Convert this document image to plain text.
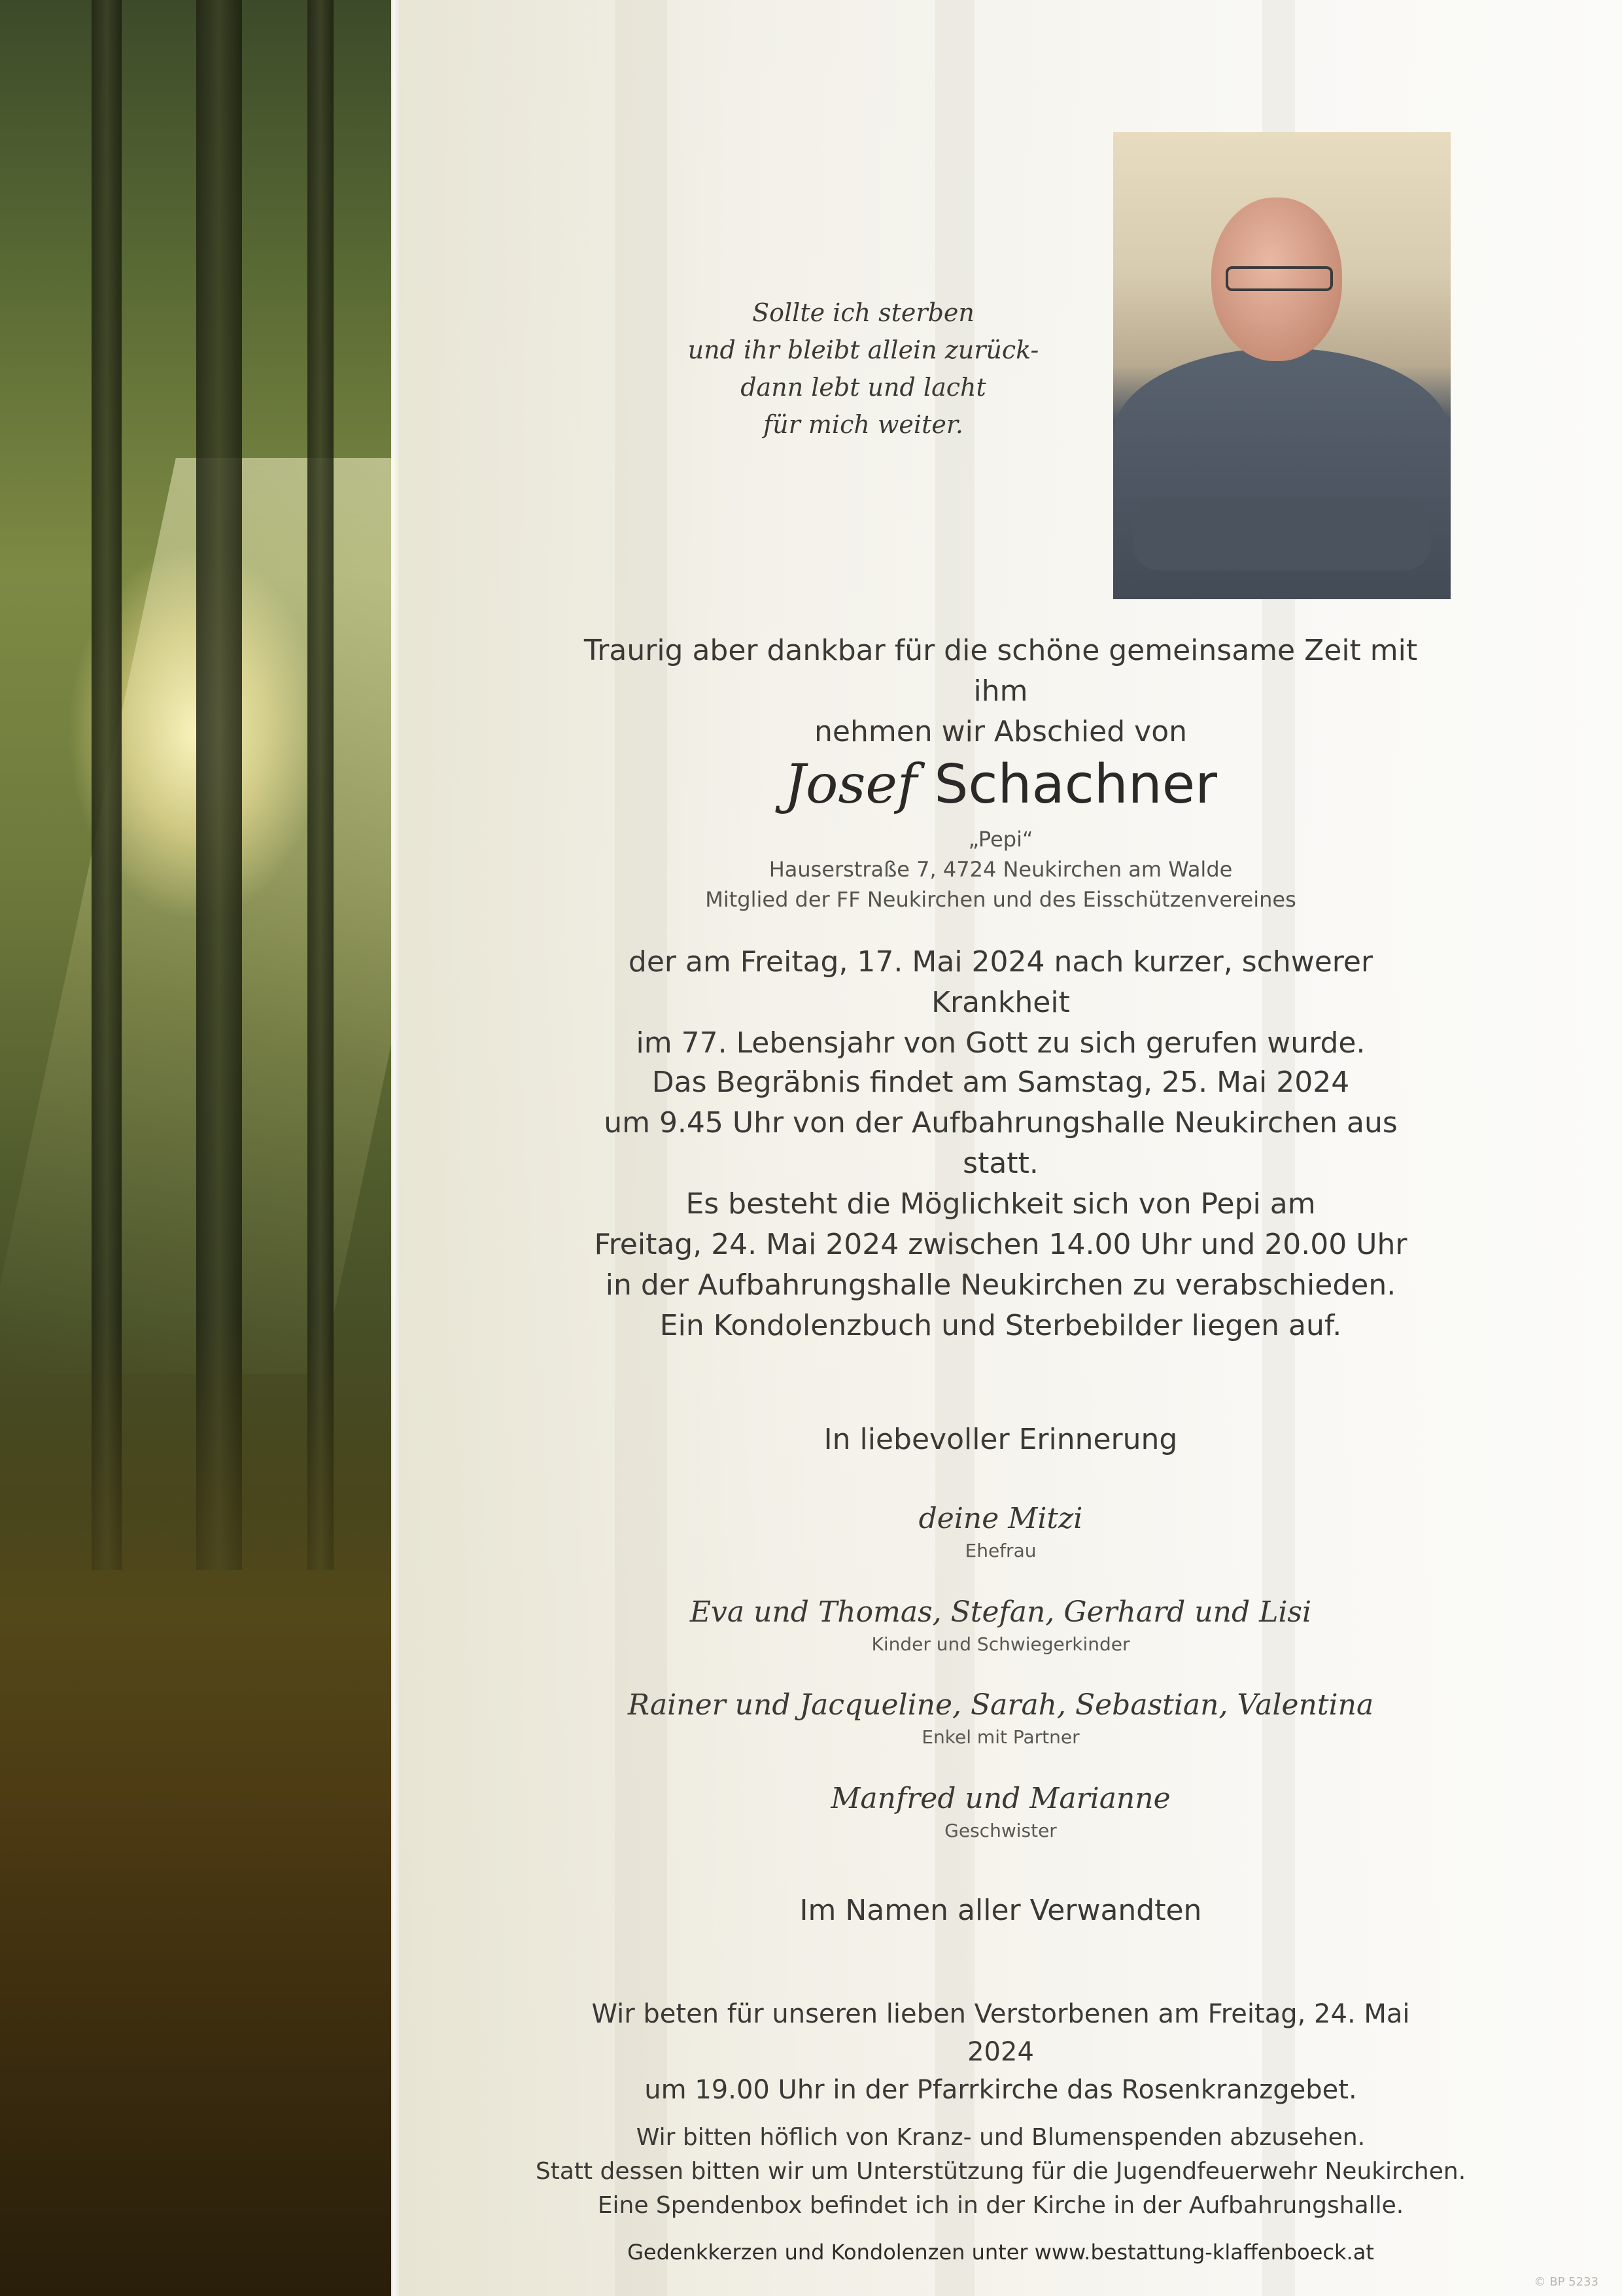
Sollte ich sterben
und ihr bleibt allein zurück-
dann lebt und lacht
für mich weiter.
Traurig aber dankbar für die schöne gemeinsame Zeit mit ihm
nehmen wir Abschied von
Josef Schachner
„Pepi“
Hauserstraße 7, 4724 Neukirchen am Walde
Mitglied der FF Neukirchen und des Eisschützenvereines
der am Freitag, 17. Mai 2024 nach kurzer, schwerer Krankheit
im 77. Lebensjahr von Gott zu sich gerufen wurde.
Das Begräbnis findet am Samstag, 25. Mai 2024
um 9.45 Uhr von der Aufbahrungshalle Neukirchen aus statt.
Es besteht die Möglichkeit sich von Pepi am
Freitag, 24. Mai 2024 zwischen 14.00 Uhr und 20.00 Uhr
in der Aufbahrungshalle Neukirchen zu verabschieden.
Ein Kondolenzbuch und Sterbebilder liegen auf.
In liebevoller Erinnerung
deine Mitzi
Ehefrau
Eva und Thomas, Stefan, Gerhard und Lisi
Kinder und Schwiegerkinder
Rainer und Jacqueline, Sarah, Sebastian, Valentina
Enkel mit Partner
Manfred und Marianne
Geschwister
Im Namen aller Verwandten
Wir beten für unseren lieben Verstorbenen am Freitag, 24. Mai 2024
um 19.00 Uhr in der Pfarrkirche das Rosenkranzgebet.
Wir bitten höflich von Kranz- und Blumenspenden abzusehen.
Statt dessen bitten wir um Unterstützung für die Jugendfeuerwehr Neukirchen.
Eine Spendenbox befindet ich in der Kirche in der Aufbahrungshalle.
Gedenkkerzen und Kondolenzen unter www.bestattung-klaffenboeck.at
© BP 5233
